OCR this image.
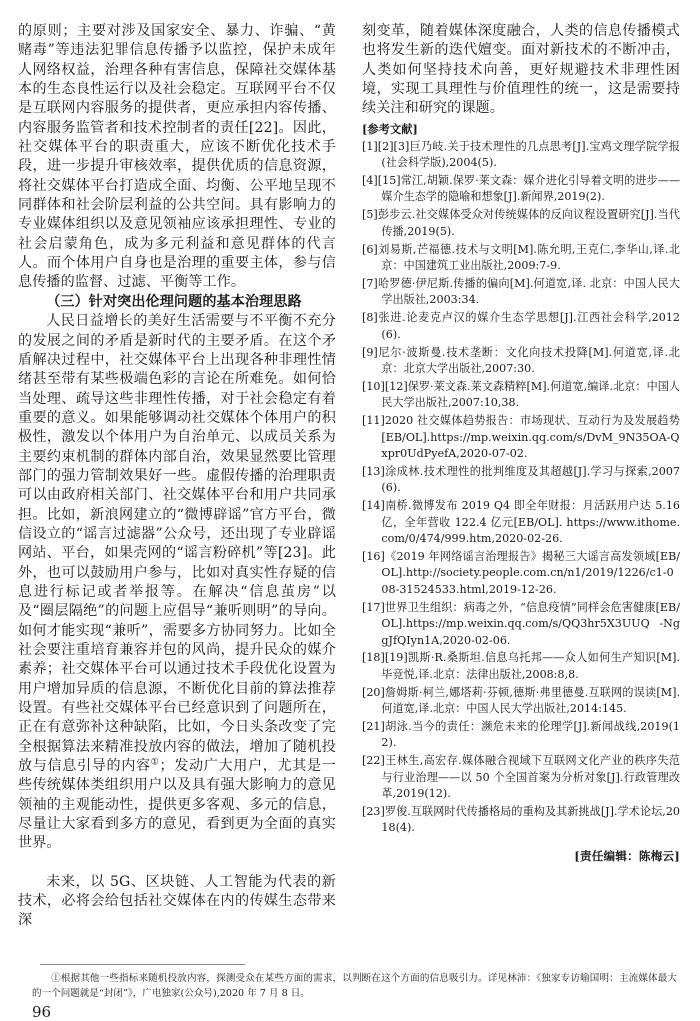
的原则；主要对涉及国家安全、暴力、诈骗、“黄赌毒”等违法犯罪信息传播予以监控，保护未成年人网络权益，治理各种有害信息，保障社交媒体基本的生态良性运行以及社会稳定。互联网平台不仅是互联网内容服务的提供者，更应承担内容传播、内容服务监管者和技术控制者的责任[22]。因此，社交媒体平台的职责重大，应该不断优化技术手段，进一步提升审核效率，提供优质的信息资源，将社交媒体平台打造成全面、均衡、公平地呈现不同群体和社会阶层利益的公共空间。具有影响力的专业媒体组织以及意见领袖应该承担理性、专业的社会启蒙角色，成为多元利益和意见群体的代言人。而个体用户自身也是治理的重要主体，参与信息传播的监督、过滤、平衡等工作。

（三）针对突出伦理问题的基本治理思路

人民日益增长的美好生活需要与不平衡不充分的发展之间的矛盾是新时代的主要矛盾。在这个矛盾解决过程中，社交媒体平台上出现各种非理性情绪甚至带有某些极端色彩的言论在所难免。如何恰当处理、疏导这些非理性传播，对于社会稳定有着重要的意义。如果能够调动社交媒体个体用户的积极性，激发以个体用户为自治单元、以成员关系为主要约束机制的群体内部自治，效果显然要比管理部门的强力管制效果好一些。虚假传播的治理职责可以由政府相关部门、社交媒体平台和用户共同承担。比如，新浪网建立的“微博辟谣”官方平台，微信设立的“谣言过滤器”公众号，还出现了专业辟谣网站、平台，如果壳网的“谣言粉碎机”等[23]。此外，也可以鼓励用户参与，比如对真实性存疑的信息进行标记或者举报等。在解决“信息茧房”以及“圈层隔绝”的问题上应倡导“兼听则明”的导向。如何才能实现“兼听”，需要多方协同努力。比如全社会要注重培育兼容并包的风尚，提升民众的媒介素养；社交媒体平台可以通过技术手段优化设置为用户增加异质的信息源，不断优化目前的算法推荐设置。有些社交媒体平台已经意识到了问题所在，正在有意弥补这种缺陷，比如，今日头条改变了完全根据算法来精准投放内容的做法，增加了随机投放与信息引导的内容①；发动广大用户，尤其是一些传统媒体类组织用户以及具有强大影响力的意见领袖的主观能动性，提供更多客观、多元的信息，尽量让大家看到多方的意见，看到更为全面的真实世界。

未来，以 5G、区块链、人工智能为代表的新技术，必将会给包括社交媒体在内的传媒生态带来深

刻变革，随着媒体深度融合，人类的信息传播模式也将发生新的迭代嬗变。面对新技术的不断冲击，人类如何坚持技术向善，更好规避技术非理性困境，实现工具理性与价值理性的统一，这是需要持续关注和研究的课题。

[参考文献]
[1][2][3]巨乃岐.关于技术理性的几点思考[J].宝鸡文理学院学报(社会科学版),2004(5).
[4][15]常江,胡颖.保罗·莱文森：媒介进化引导着文明的进步——媒介生态学的隐喻和想象[J].新闻界,2019(2).
[5]彭步云.社交媒体受众对传统媒体的反向议程设置研究[J].当代传播,2019(5).
[6]刘易斯,芒福德.技术与文明[M].陈允明,王克仁,李华山,译.北京：中国建筑工业出版社,2009:7-9.
[7]哈罗德·伊尼斯.传播的偏向[M].何道宽,译. 北京：中国人民大学出版社,2003:34.
[8]张进.论麦克卢汉的媒介生态学思想[J].江西社会科学,2012(6).
[9]尼尔·波斯曼.技术垄断：文化向技术投降[M].何道宽,译.北京：北京大学出版社,2007:30.
[10][12]保罗·莱文森.莱文森精粹[M].何道宽,编译.北京：中国人民大学出版社,2007:10,38.
[11]2020 社交媒体趋势报告：市场现状、互动行为及发展趋势[EB/OL].https://mp.weixin.qq.com/s/DvM_9N35OA-Qxpr0UdPyefA,2020-07-02.
[13]涂成林.技术理性的批判维度及其超越[J].学习与探索,2007(6).
[14]南桥.微博发布 2019 Q4 即全年财报：月活跃用户达 5.16 亿，全年营收 122.4 亿元[EB/OL]. https://www.ithome.com/0/474/999.htm,2020-02-26.
[16]《2019 年网络谣言治理报告》揭秘三大谣言高发领域[EB/OL].http://society.people.com.cn/n1/2019/1226/c1-008-31524533.html,2019-12-26.
[17]世界卫生组织：病毒之外，“信息疫情”同样会危害健康[EB/OL].https://mp.weixin.qq.com/s/QQ3hr5X3UUQ -NggJfQIyn1A,2020-02-06.
[18][19]凯斯·R.桑斯坦.信息乌托邦——众人如何生产知识[M].毕竞悦,译.北京：法律出版社,2008:8,8.
[20]詹姆斯·柯兰,娜塔莉·芬顿,德斯·弗里德曼.互联网的误读[M].何道宽,译.北京：中国人民大学出版社,2014:145.
[21]胡泳.当今的责任：濒危未来的伦理学[J].新闻战线,2019(12).
[22]王林生,高宏存.媒体融合视域下互联网文化产业的秩序失范与行业治理——以 50 个全国首案为分析对象[J].行政管理改革,2019(12).
[23]罗俊.互联网时代传播格局的重构及其新挑战[J].学术论坛,2018(4).
[责任编辑：陈梅云]

①根据其他一些指标来随机投放内容，探测受众在某些方面的需求，以判断在这个方面的信息吸引力。详见林沛：《独家专访喻国明：主流媒体最大的一个问题就是“封闭”》，广电独家(公众号),2020 年 7 月 8 日。

96
